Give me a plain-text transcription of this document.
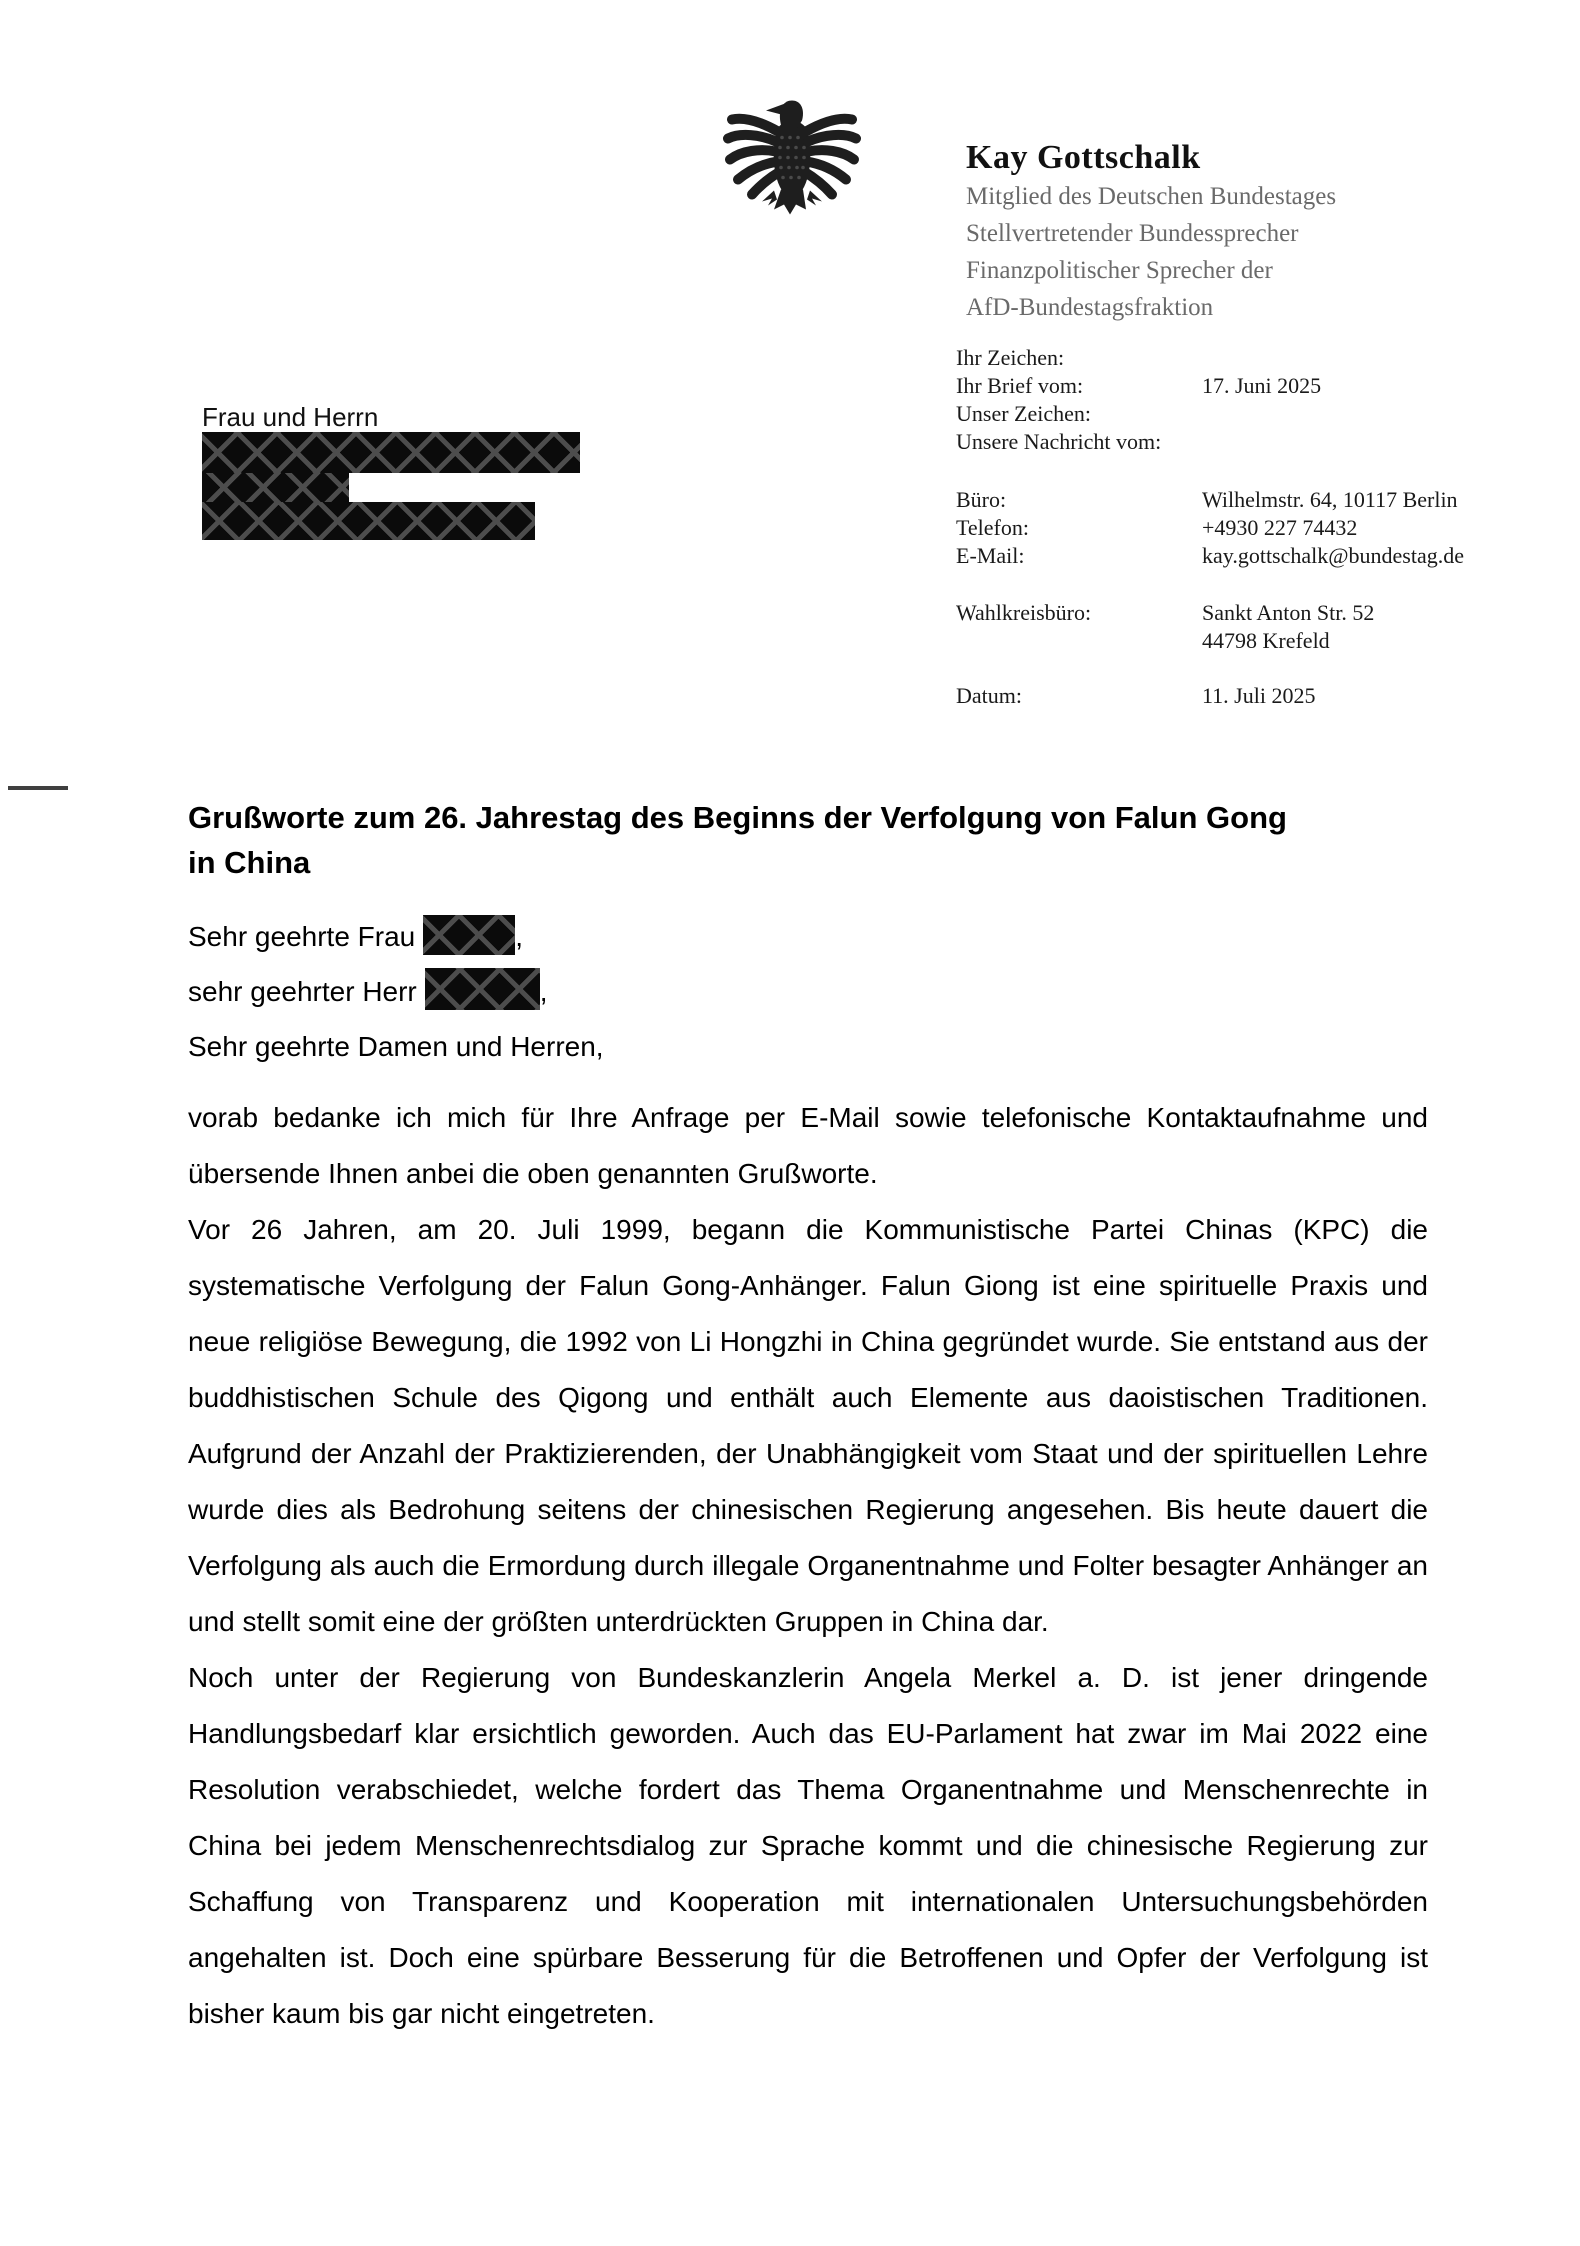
Kay Gottschalk
Mitglied des Deutschen Bundestages
Stellvertretender Bundessprecher
Finanzpolitischer Sprecher der
AfD-Bundestagsfraktion
Ihr Zeichen:
Ihr Brief vom:	17. Juni 2025
Unser Zeichen:
Unsere Nachricht vom:
Büro:	Wilhelmstr. 64, 10117 Berlin
Telefon:	+4930 227 74432
E-Mail:	kay.gottschalk@bundestag.de
Wahlkreisbüro:	Sankt Anton Str. 52
44798 Krefeld
Datum:	11. Juli 2025
Frau und Herrn
Grußworte zum 26. Jahrestag des Beginns der Verfolgung von Falun Gong in China

Sehr geehrte Frau	,

sehr geehrter Herr	,

Sehr geehrte Damen und Herren,

vorab bedanke ich mich für Ihre Anfrage per E-Mail sowie telefonische Kontaktaufnahme und übersende Ihnen anbei die oben genannten Grußworte.

Vor 26 Jahren, am 20. Juli 1999, begann die Kommunistische Partei Chinas (KPC) die systematische Verfolgung der Falun Gong-Anhänger. Falun Giong ist eine spirituelle Praxis und neue religiöse Bewegung, die 1992 von Li Hongzhi in China gegründet wurde. Sie entstand aus der buddhistischen Schule des Qigong und enthält auch Elemente aus daoistischen Traditionen. Aufgrund der Anzahl der Praktizierenden, der Unabhängigkeit vom Staat und der spirituellen Lehre wurde dies als Bedrohung seitens der chinesischen Regierung angesehen. Bis heute dauert die Verfolgung als auch die Ermordung durch illegale Organentnahme und Folter besagter Anhänger an und stellt somit eine der größten unterdrückten Gruppen in China dar.

Noch unter der Regierung von Bundeskanzlerin Angela Merkel a. D. ist jener dringende Handlungsbedarf klar ersichtlich geworden. Auch das EU-Parlament hat zwar im Mai 2022 eine Resolution verabschiedet, welche fordert das Thema Organentnahme und Menschenrechte in China bei jedem Menschenrechtsdialog zur Sprache kommt und die chinesische Regierung zur Schaffung von Transparenz und Kooperation mit internationalen Untersuchungsbehörden angehalten ist. Doch eine spürbare Besserung für die Betroffenen und Opfer der Verfolgung ist bisher kaum bis gar nicht eingetreten.
